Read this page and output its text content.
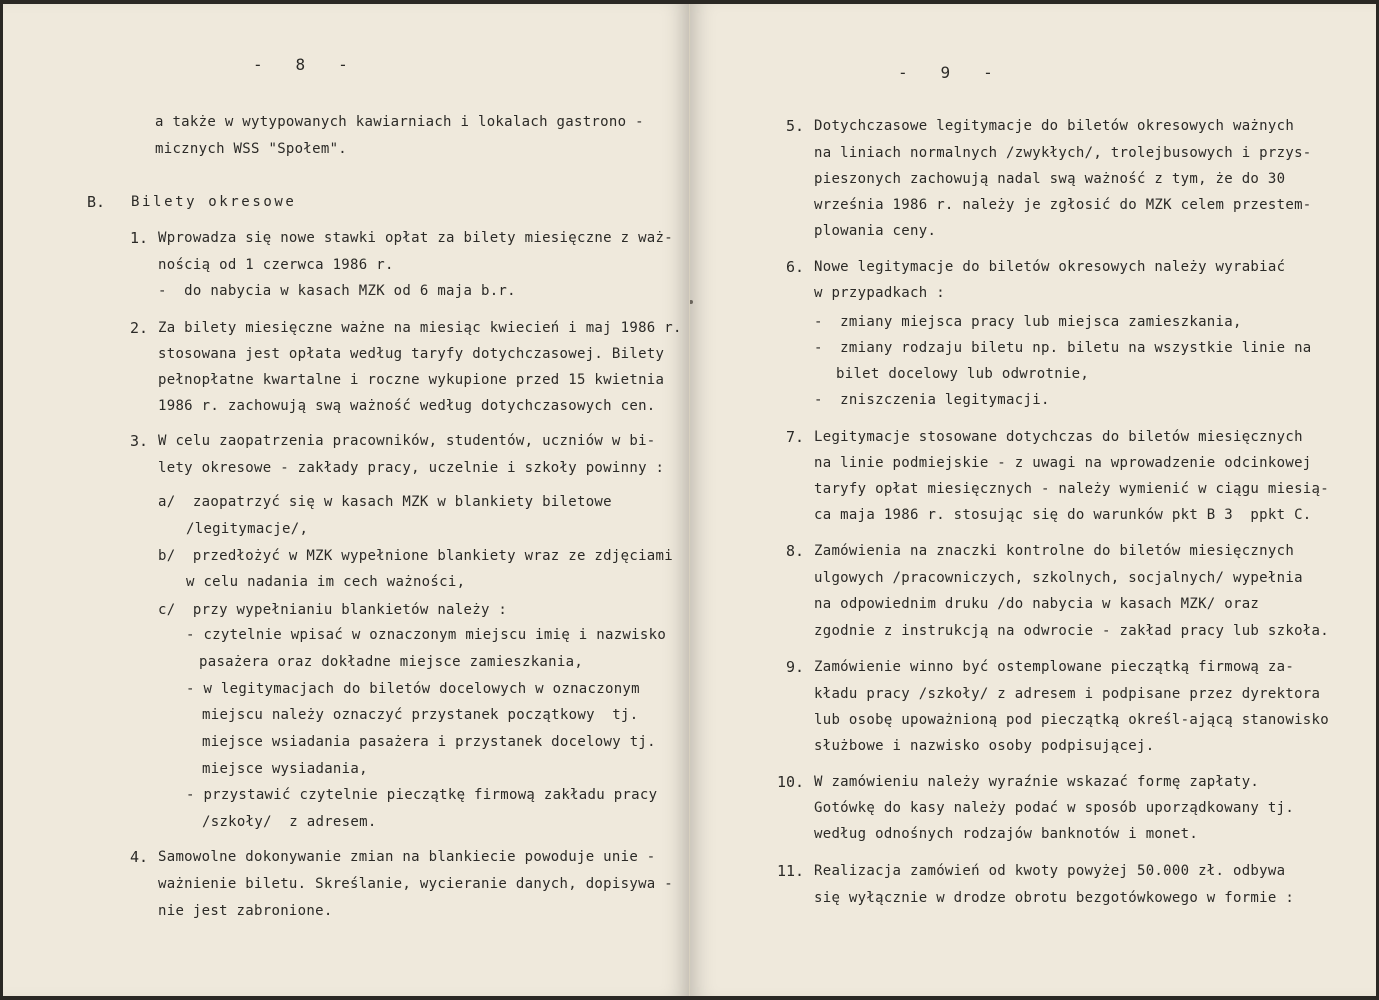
-   8   -
a także w wytypowanych kawiarniach i lokalach gastrono -
micznych WSS "Społem".
B. Bilety okresowe
1. Wprowadza się nowe stawki opłat za bilety miesięczne z waż-
nością od 1 czerwca 1986 r.
-  do nabycia w kasach MZK od 6 maja b.r.
2. Za bilety miesięczne ważne na miesiąc kwiecień i maj 1986 r.
stosowana jest opłata według taryfy dotychczasowej. Bilety
pełnopłatne kwartalne i roczne wykupione przed 15 kwietnia
1986 r. zachowują swą ważność według dotychczasowych cen.
3. W celu zaopatrzenia pracowników, studentów, uczniów w bi-
lety okresowe - zakłady pracy, uczelnie i szkoły powinny :
a/  zaopatrzyć się w kasach MZK w blankiety biletowe
/legitymacje/,
b/  przedłożyć w MZK wypełnione blankiety wraz ze zdjęciami
w celu nadania im cech ważności,
c/  przy wypełnianiu blankietów należy :
- czytelnie wpisać w oznaczonym miejscu imię i nazwisko
pasażera oraz dokładne miejsce zamieszkania,
- w legitymacjach do biletów docelowych w oznaczonym
miejscu należy oznaczyć przystanek początkowy  tj.
miejsce wsiadania pasażera i przystanek docelowy tj.
miejsce wysiadania,
- przystawić czytelnie pieczątkę firmową zakładu pracy
/szkoły/  z adresem.
4. Samowolne dokonywanie zmian na blankiecie powoduje unie -
ważnienie biletu. Skreślanie, wycieranie danych, dopisywa -
nie jest zabronione.
-   9   -
5. Dotychczasowe legitymacje do biletów okresowych ważnych
na liniach normalnych /zwykłych/, trolejbusowych i przys-
pieszonych zachowują nadal swą ważność z tym, że do 30
września 1986 r. należy je zgłosić do MZK celem przestem-
plowania ceny.
6. Nowe legitymacje do biletów okresowych należy wyrabiać
w przypadkach :
-  zmiany miejsca pracy lub miejsca zamieszkania,
-  zmiany rodzaju biletu np. biletu na wszystkie linie na
bilet docelowy lub odwrotnie,
-  zniszczenia legitymacji.
7. Legitymacje stosowane dotychczas do biletów miesięcznych
na linie podmiejskie - z uwagi na wprowadzenie odcinkowej
taryfy opłat miesięcznych - należy wymienić w ciągu miesią-
ca maja 1986 r. stosując się do warunków pkt B 3  ppkt C.
8. Zamówienia na znaczki kontrolne do biletów miesięcznych
ulgowych /pracowniczych, szkolnych, socjalnych/ wypełnia
na odpowiednim druku /do nabycia w kasach MZK/ oraz
zgodnie z instrukcją na odwrocie - zakład pracy lub szkoła.
9. Zamówienie winno być ostemplowane pieczątką firmową za-
kładu pracy /szkoły/ z adresem i podpisane przez dyrektora
lub osobę upoważnioną pod pieczątką określ-ającą stanowisko
służbowe i nazwisko osoby podpisującej.
10. W zamówieniu należy wyraźnie wskazać formę zapłaty.
Gotówkę do kasy należy podać w sposób uporządkowany tj.
według odnośnych rodzajów banknotów i monet.
11. Realizacja zamówień od kwoty powyżej 50.000 zł. odbywa
się wyłącznie w drodze obrotu bezgotówkowego w formie :
